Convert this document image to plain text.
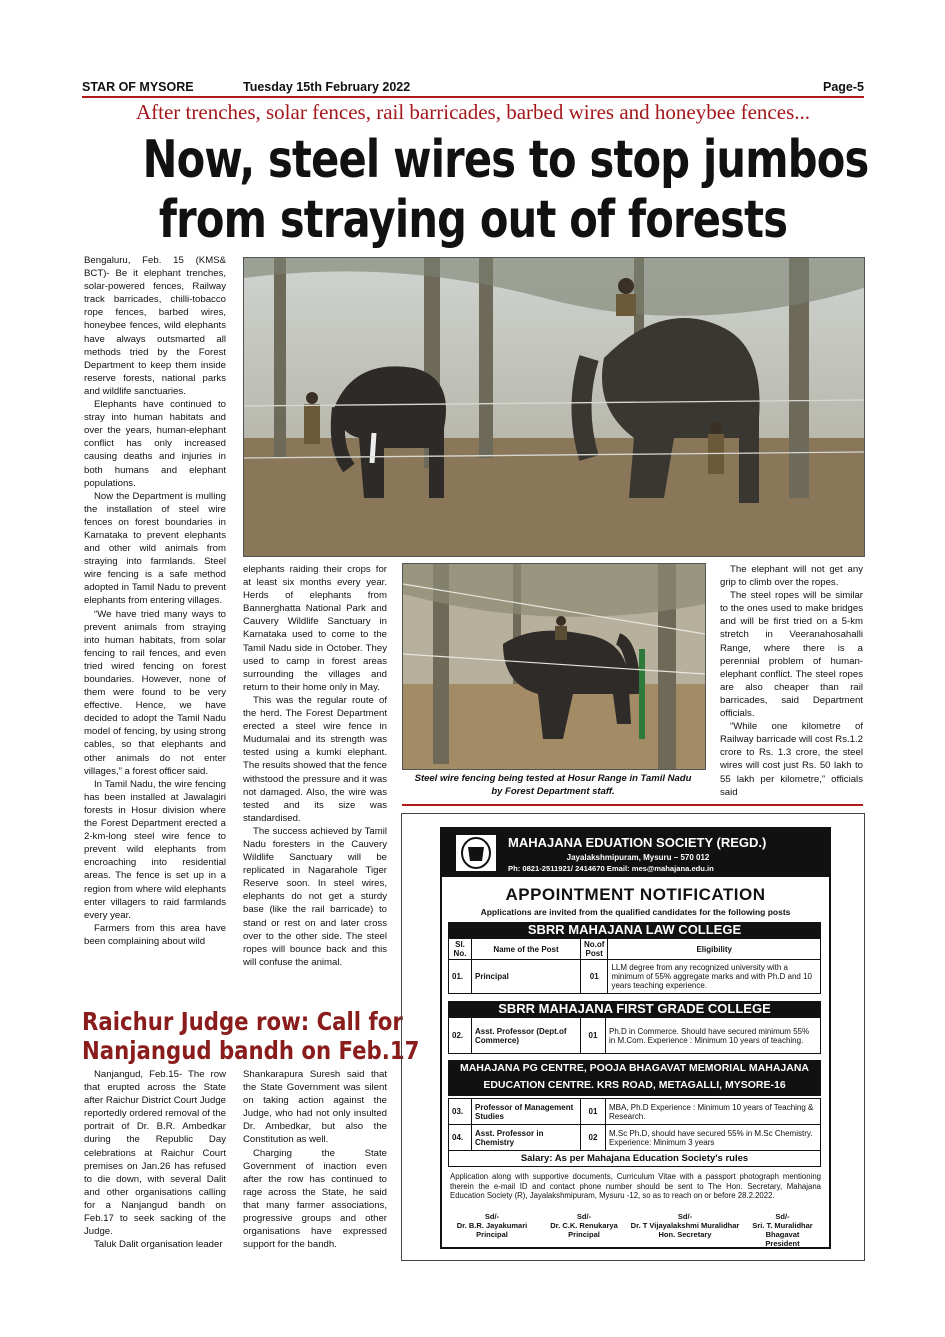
STAR OF MYSORE	Tuesday 15th February 2022	Page-5
After trenches, solar fences, rail barricades, barbed wires and honeybee fences...
Now, steel wires to stop jumbos
from straying out of forests

Bengaluru, Feb. 15 (KMS& BCT)- Be it elephant trenches, solar-powered fences, Railway track barricades, chilli-tobacco rope fences, barbed wires, honeybee fences, wild elephants have always outsmarted all methods tried by the Forest Department to keep them inside reserve forests, national parks and wildlife sanctuaries.

Elephants have continued to stray into human habitats and over the years, human-elephant conflict has only increased causing deaths and injuries in both humans and elephant populations.

Now the Department is mulling the installation of steel wire fences on forest boundaries in Karnataka to prevent elephants and other wild animals from straying into farmlands. Steel wire fencing is a safe method adopted in Tamil Nadu to prevent elephants from entering villages.

“We have tried many ways to prevent animals from straying into human habitats, from solar fencing to rail fences, and even tried wired fencing on forest boundaries. However, none of them were found to be very effective. Hence, we have decided to adopt the Tamil Nadu model of fencing, by using strong cables, so that elephants and other animals do not enter villages,” a forest officer said.

In Tamil Nadu, the wire fencing has been installed at Jawalagiri forests in Hosur division where the Forest Department erected a 2-km-long steel wire fence to prevent wild elephants from encroaching into residential areas. The fence is set up in a region from where wild elephants enter villagers to raid farmlands every year.

Farmers from this area have been complaining about wild

elephants raiding their crops for at least six months every year. Herds of elephants from Bannerghatta National Park and Cauvery Wildlife Sanctuary in Karnataka used to come to the Tamil Nadu side in October. They used to camp in forest areas surrounding the villages and return to their home only in May.

This was the regular route of the herd. The Forest Department erected a steel wire fence in Mudumalai and its strength was tested using a kumki elephant. The results showed that the fence withstood the pressure and it was not damaged. Also, the wire was tested and its size was standardised.

The success achieved by Tamil Nadu foresters in the Cauvery Wildlife Sanctuary will be replicated in Nagarahole Tiger Reserve soon. In steel wires, elephants do not get a sturdy base (like the rail barricade) to stand or rest on and later cross over to the other side. The steel ropes will bounce back and this will confuse the animal.

Steel wire fencing being tested at Hosur Range in Tamil Nadu
by Forest Department staff.

The elephant will not get any grip to climb over the ropes.

The steel ropes will be similar to the ones used to make bridges and will be first tried on a 5-km stretch in Veeranahosahalli Range, where there is a perennial problem of human-elephant conflict. The steel ropes are also cheaper than rail barricades, said Department officials.

“While one kilometre of Railway barricade will cost Rs.1.2 crore to Rs. 1.3 crore, the steel wires will cost just Rs. 50 lakh to 55 lakh per kilometre,” officials said

Raichur Judge row: Call for
Nanjangud bandh on Feb.17

Nanjangud, Feb.15- The row that erupted across the State after Raichur District Court Judge reportedly ordered removal of the portrait of Dr. B.R. Ambedkar during the Republic Day celebrations at Raichur Court premises on Jan.26 has refused to die down, with several Dalit and other organisations calling for a Nanjangud bandh on Feb.17 to seek sacking of the Judge.

Taluk Dalit organisation leader

Shankarapura Suresh said that the State Government was silent on taking action against the Judge, who had not only insulted Dr. Ambedkar, but also the Constitution as well.

Charging the State Government of inaction even after the row has continued to rage across the State, he said that many farmer associations, progressive groups and other organisations have expressed support for the bandh.

MAHAJANA EDUATION SOCIETY (REGD.)
Jayalakshmipuram, Mysuru – 570 012
Ph: 0821-2511921/ 2414670 Email: mes@mahajana.edu.in
APPOINTMENT NOTIFICATION
Applications are invited from the qualified candidates for the following posts
SBRR MAHAJANA LAW COLLEGE
Sl. No.	Name of the Post	No.of Post	Eligibility
01.	Principal	01	LLM degree from any recognized university with a minimum of 55% aggregate marks and with Ph.D and 10 years teaching experience.
SBRR MAHAJANA FIRST GRADE COLLEGE
02.	Asst. Professor (Dept.of Commerce)	01	Ph.D in Commerce. Should have secured minimum 55% in M.Com. Experience : Minimum 10 years of teaching.
MAHAJANA PG CENTRE, POOJA BHAGAVAT MEMORIAL MAHAJANA
EDUCATION CENTRE. KRS ROAD, METAGALLI, MYSORE-16
03.	Professor of Management Studies	01	MBA, Ph.D Experience : Minimum 10 years of Teaching & Research.
04.	Asst. Professor in Chemistry	02	M.Sc Ph.D, should have secured 55% in M.Sc Chemistry. Experience: Minimum 3 years
Salary: As per Mahajana Education Society's rules			
Application along with supportive documents, Curriculum Vitae with a passport photograph mentioning therein the e-mail ID and contact phone number should be sent to The Hon. Secretary, Mahajana Education Society (R), Jayalakshmipuram, Mysuru -12, so as to reach on or before 28.2.2022.
Sd/-
Dr. B.R. Jayakumari
Principal
Sd/-
Dr. C.K. Renukarya
Principal
Sd/-
Dr. T Vijayalakshmi Muralidhar
Hon. Secretary
Sd/-
Sri. T. Muralidhar Bhagavat
President
